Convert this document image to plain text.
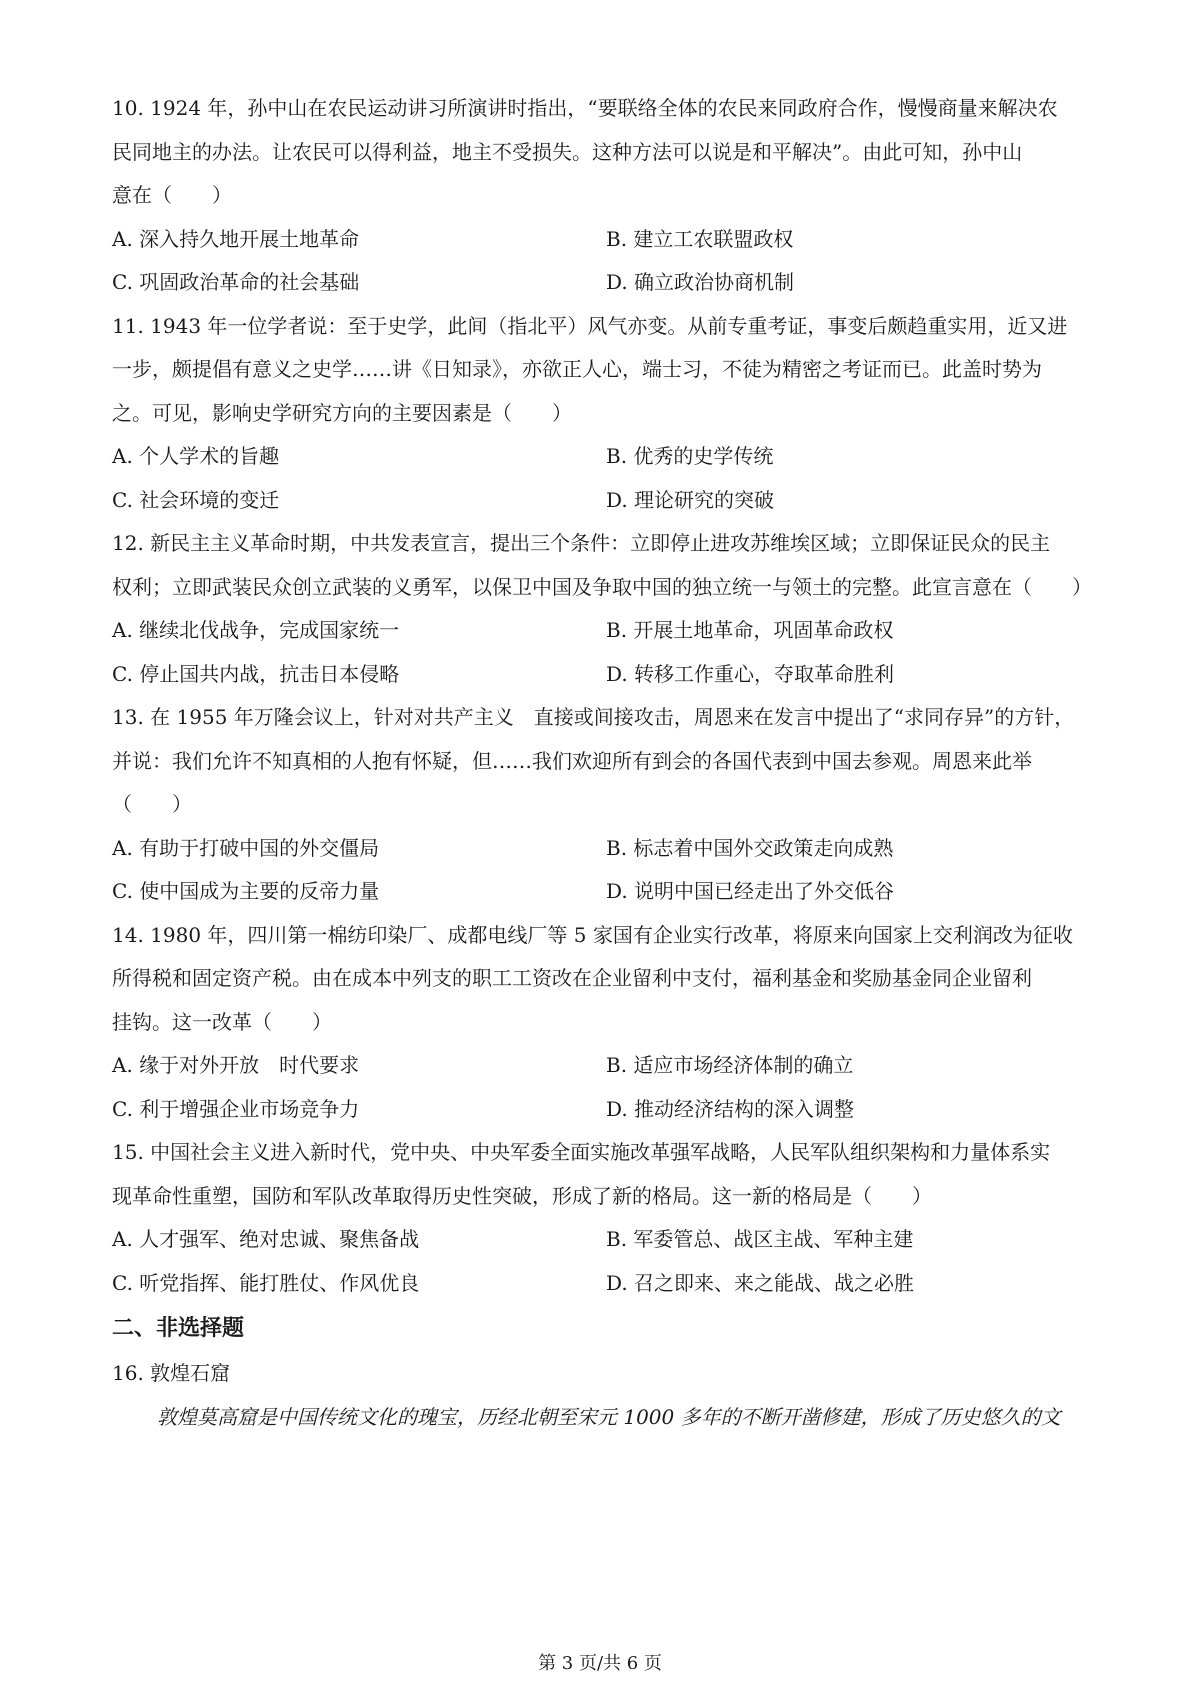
10. 1924 年，孙中山在农民运动讲习所演讲时指出，“要联络全体的农民来同政府合作，慢慢商量来解决农
民同地主的办法。让农民可以得利益，地主不受损失。这种方法可以说是和平解决”。由此可知，孙中山
意在（　　）
A. 深入持久地开展土地革命	B. 建立工农联盟政权
C. 巩固政治革命的社会基础	D. 确立政治协商机制
11. 1943 年一位学者说：至于史学，此间（指北平）风气亦变。从前专重考证，事变后颇趋重实用，近又进
一步，颇提倡有意义之史学……讲《日知录》，亦欲正人心，端士习，不徒为精密之考证而已。此盖时势为
之。可见，影响史学研究方向的主要因素是（　　）
A. 个人学术的旨趣	B. 优秀的史学传统
C. 社会环境的变迁	D. 理论研究的突破
12. 新民主主义革命时期，中共发表宣言，提出三个条件：立即停止进攻苏维埃区域；立即保证民众的民主
权利；立即武装民众创立武装的义勇军，以保卫中国及争取中国的独立统一与领土的完整。此宣言意在（　　）
A. 继续北伐战争，完成国家统一	B. 开展土地革命，巩固革命政权
C. 停止国共内战，抗击日本侵略	D. 转移工作重心，夺取革命胜利
13. 在 1955 年万隆会议上，针对对共产主义　直接或间接攻击，周恩来在发言中提出了“求同存异”的方针，
并说：我们允许不知真相的人抱有怀疑，但……我们欢迎所有到会的各国代表到中国去参观。周恩来此举
（　　）
A. 有助于打破中国的外交僵局	B. 标志着中国外交政策走向成熟
C. 使中国成为主要的反帝力量	D. 说明中国已经走出了外交低谷
14. 1980 年，四川第一棉纺印染厂、成都电线厂等 5 家国有企业实行改革，将原来向国家上交利润改为征收
所得税和固定资产税。由在成本中列支的职工工资改在企业留利中支付，福利基金和奖励基金同企业留利
挂钩。这一改革（　　）
A. 缘于对外开放　时代要求	B. 适应市场经济体制的确立
C. 利于增强企业市场竞争力	D. 推动经济结构的深入调整
15. 中国社会主义进入新时代，党中央、中央军委全面实施改革强军战略，人民军队组织架构和力量体系实
现革命性重塑，国防和军队改革取得历史性突破，形成了新的格局。这一新的格局是（　　）
A. 人才强军、绝对忠诚、聚焦备战	B. 军委管总、战区主战、军种主建
C. 听党指挥、能打胜仗、作风优良	D. 召之即来、来之能战、战之必胜
二、非选择题
16. 敦煌石窟
敦煌莫高窟是中国传统文化的瑰宝，历经北朝至宋元 1000 多年的不断开凿修建，形成了历史悠久的文
第 3 页/共 6 页
